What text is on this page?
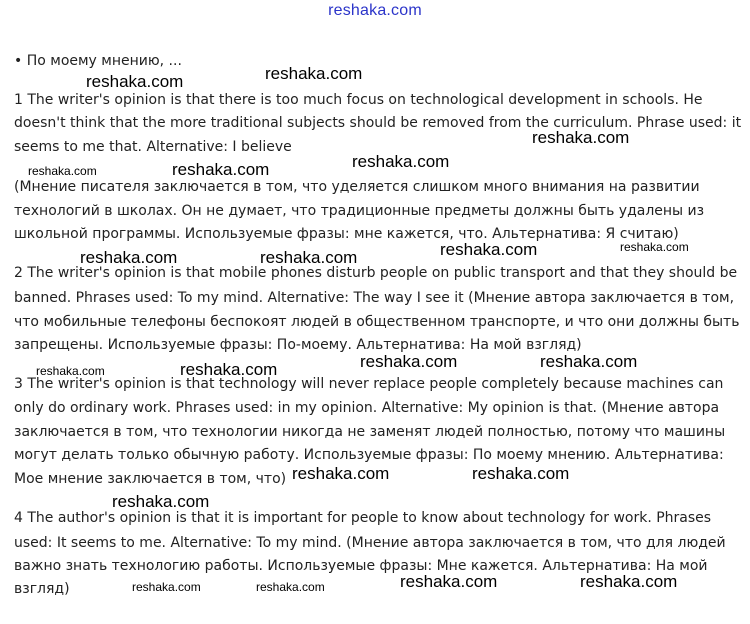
reshaka.com
• По моему мнению, ...
1 The writer's opinion is that there is too much focus on technological development in schools. He
doesn't think that the more traditional subjects should be removed from the curriculum. Phrase used: it
seems to me that. Alternative: I believe
(Мнение писателя заключается в том, что уделяется слишком много внимания на развитии
технологий в школах. Он не думает, что традиционные предметы должны быть удалены из
школьной программы. Используемые фразы: мне кажется, что. Альтернатива: Я считаю)
2 The writer's opinion is that mobile phones disturb people on public transport and that they should be
banned. Phrases used: To my mind. Alternative: The way I see it (Мнение автора заключается в том,
что мобильные телефоны беспокоят людей в общественном транспорте, и что они должны быть
запрещены. Используемые фразы: По-моему. Альтернатива: На мой взгляд)
3 The writer's opinion is that technology will never replace people completely because machines can
only do ordinary work. Phrases used: in my opinion. Alternative: My opinion is that. (Мнение автора
заключается в том, что технологии никогда не заменят людей полностью, потому что машины
могут делать только обычную работу. Используемые фразы: По моему мнению. Альтернатива:
Мое мнение заключается в том, что)
4 The author's opinion is that it is important for people to know about technology for work. Phrases
used: It seems to me. Alternative: To my mind. (Мнение автора заключается в том, что для людей
важно знать технологию работы. Используемые фразы: Мне кажется. Альтернатива: На мой
взгляд)
reshaka.com	reshaka.com
reshaka.com
reshaka.com	reshaka.com	reshaka.com
reshaka.com	reshaka.com
reshaka.com	reshaka.com
reshaka.com	reshaka.com
reshaka.com	reshaka.com
reshaka.com	reshaka.com
reshaka.com
reshaka.com	reshaka.com
reshaka.com	reshaka.com
